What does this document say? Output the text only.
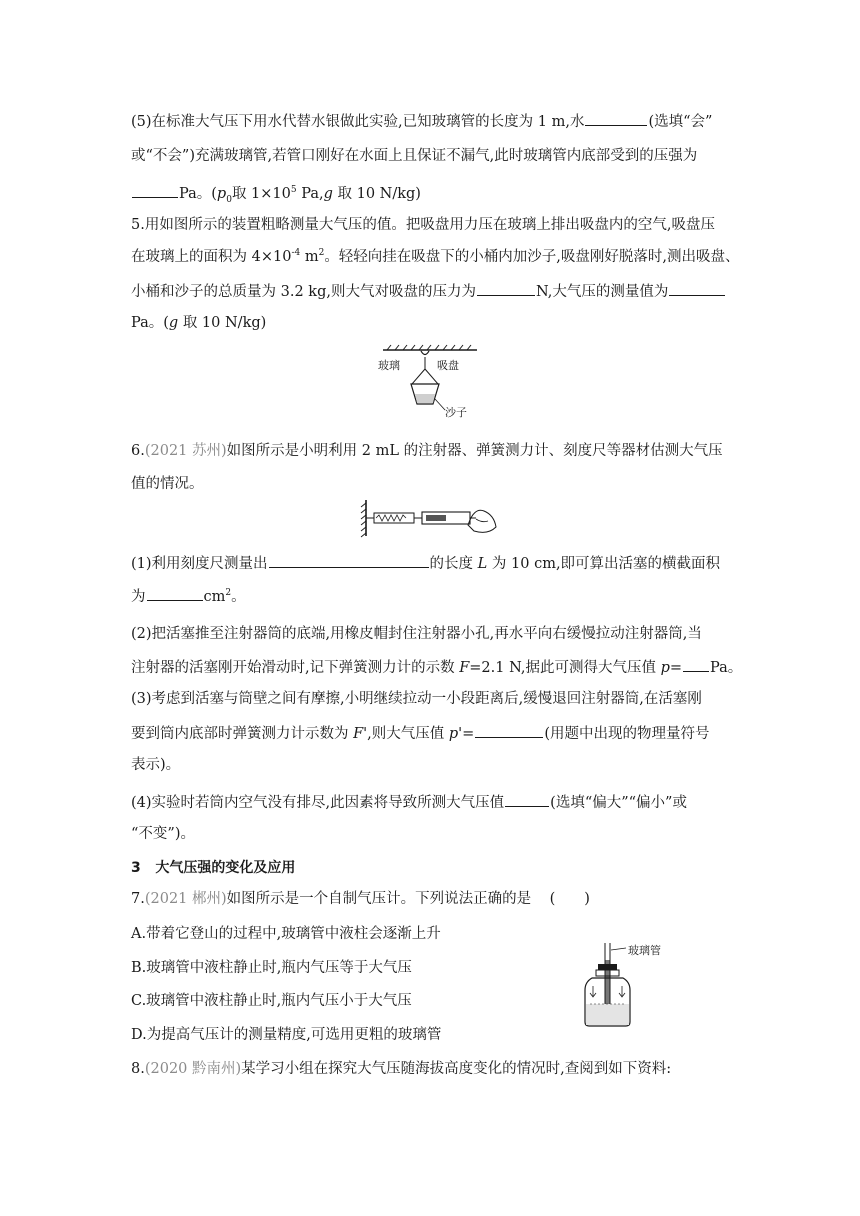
(5)在标准大气压下用水代替水银做此实验,已知玻璃管的长度为 1 m,水	(选填“会”
或“不会”)充满玻璃管,若管口刚好在水面上且保证不漏气,此时玻璃管内底部受到的压强为
Pa。($p_0$取 $1\times 10^5$ Pa,g 取 10 N/kg)
5.用如图所示的装置粗略测量大气压的值。把吸盘用力压在玻璃上排出吸盘内的空气,吸盘压
在玻璃上的面积为 $4\times 10^{-4}$ $m^2$。轻轻向挂在吸盘下的小桶内加沙子,吸盘刚好脱落时,测出吸盘、
小桶和沙子的总质量为 3.2 kg,则大气对吸盘的压力为	N,大气压的测量值为
Pa。(g 取 10 N/kg)
玻璃	吸盘
沙子
6.(2021 苏州)如图所示是小明利用 2 mL 的注射器、弹簧测力计、刻度尺等器材估测大气压
值的情况。
(1)利用刻度尺测量出	的长度 L 为 10 cm,即可算出活塞的横截面积
为	$cm^2$。
(2)把活塞推至注射器筒的底端,用橡皮帽封住注射器小孔,再水平向右缓慢拉动注射器筒,当
注射器的活塞刚开始滑动时,记下弹簧测力计的示数 F=2.1 N,据此可测得大气压值 p= Pa。
(3)考虑到活塞与筒壁之间有摩擦,小明继续拉动一小段距离后,缓慢退回注射器筒,在活塞刚
要到筒内底部时弹簧测力计示数为 F',则大气压值 p'=	(用题中出现的物理量符号
表示)。
(4)实验时若筒内空气没有排尽,此因素将导致所测大气压值	(选填“偏大”“偏小”或
“不变”)。
3 大气压强的变化及应用
7.(2021 郴州)如图所示是一个自制气压计。下列说法正确的是 (　　)
A.带着它登山的过程中,玻璃管中液柱会逐渐上升
B.玻璃管中液柱静止时,瓶内气压等于大气压
C.玻璃管中液柱静止时,瓶内气压小于大气压
D.为提高气压计的测量精度,可选用更粗的玻璃管
玻璃管
8.(2020 黔南州)某学习小组在探究大气压随海拔高度变化的情况时,查阅到如下资料:
